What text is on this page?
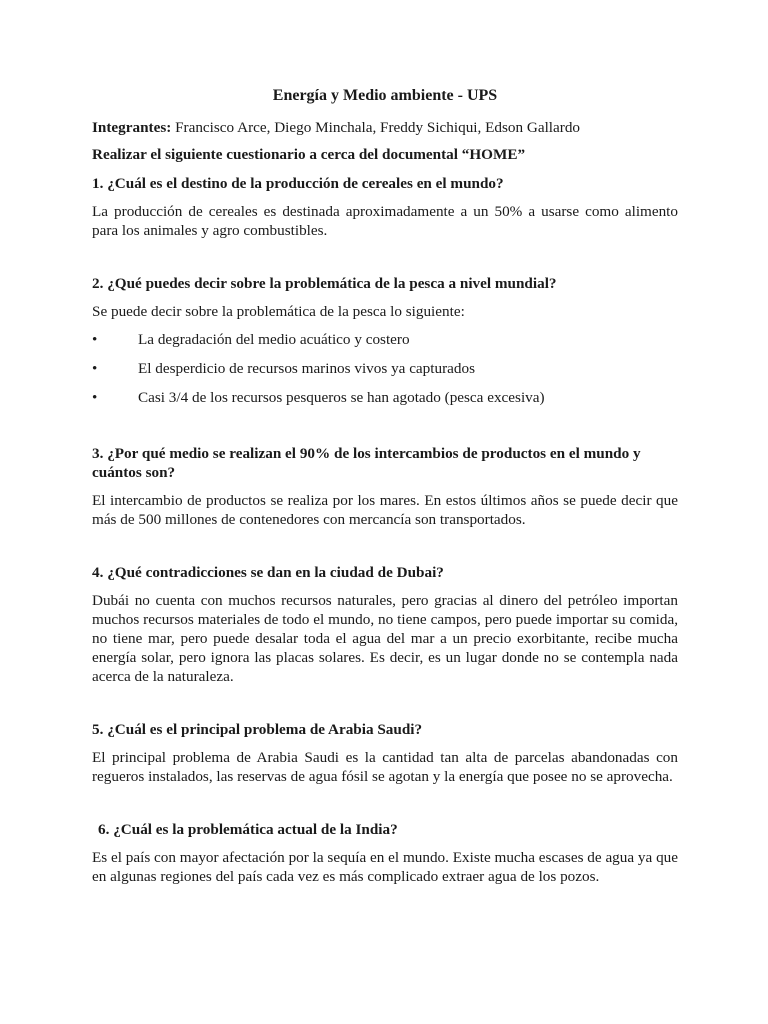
Energía y Medio ambiente - UPS

Integrantes: Francisco Arce, Diego Minchala, Freddy Sichiqui, Edson Gallardo

Realizar el siguiente cuestionario a cerca del documental “HOME”

1. ¿Cuál es el destino de la producción de cereales en el mundo?

La producción de cereales es destinada aproximadamente a un 50% a usarse como alimento para los animales y agro combustibles.

2. ¿Qué puedes decir sobre la problemática de la pesca a nivel mundial?

Se puede decir sobre la problemática de la pesca lo siguiente:

•	La degradación del medio acuático y costero
•	El desperdicio de recursos marinos vivos ya capturados
•	Casi 3/4 de los recursos pesqueros se han agotado (pesca excesiva)

3. ¿Por qué medio se realizan el 90% de los intercambios de productos en el mundo y cuántos son?

El intercambio de productos se realiza por los mares. En estos últimos años se puede decir que más de 500 millones de contenedores con mercancía son transportados.

4. ¿Qué contradicciones se dan en la ciudad de Dubai?

Dubái no cuenta con muchos recursos naturales, pero gracias al dinero del petróleo importan muchos recursos materiales de todo el mundo, no tiene campos, pero puede importar su comida, no tiene mar, pero puede desalar toda el agua del mar a un precio exorbitante, recibe mucha energía solar, pero ignora las placas solares. Es decir, es un lugar donde no se contempla nada acerca de la naturaleza.

5. ¿Cuál es el principal problema de Arabia Saudi?

El principal problema de Arabia Saudi es la cantidad tan alta de parcelas abandonadas con regueros instalados, las reservas de agua fósil se agotan y la energía que posee no se aprovecha.

6. ¿Cuál es la problemática actual de la India?

Es el país con mayor afectación por la sequía en el mundo. Existe mucha escases de agua ya que en algunas regiones del país cada vez es más complicado extraer agua de los pozos.
